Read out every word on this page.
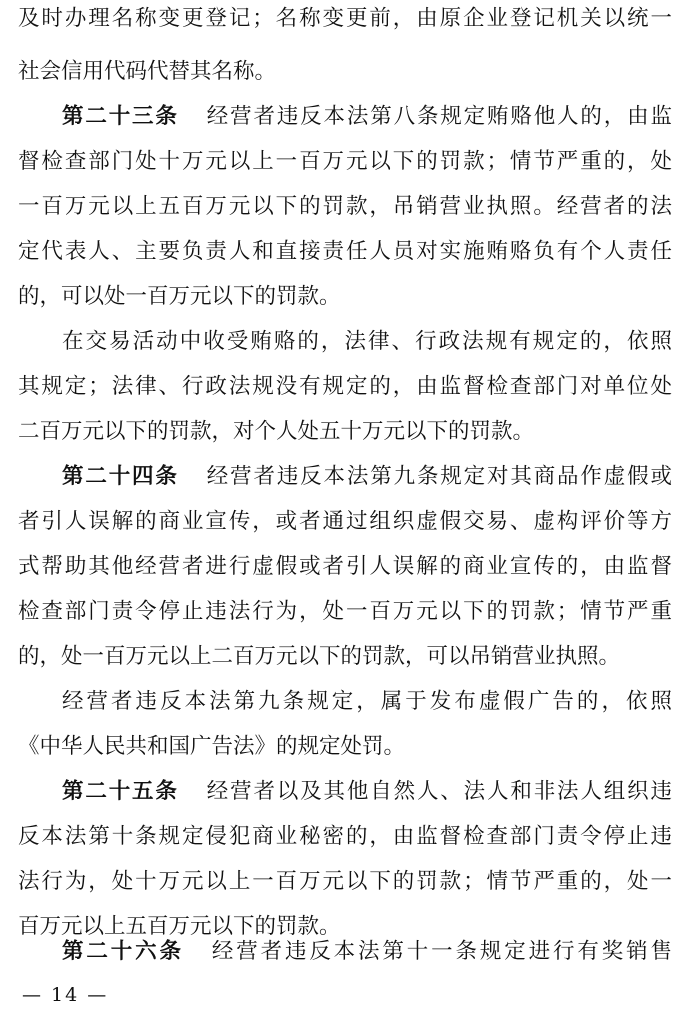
及时办理名称变更登记；名称变更前，由原企业登记机关以统一
社会信用代码代替其名称。
第二十三条 经营者违反本法第八条规定贿赂他人的，由监
督检查部门处十万元以上一百万元以下的罚款；情节严重的，处
一百万元以上五百万元以下的罚款，吊销营业执照。经营者的法
定代表人、主要负责人和直接责任人员对实施贿赂负有个人责任
的，可以处一百万元以下的罚款。
在交易活动中收受贿赂的，法律、行政法规有规定的，依照
其规定；法律、行政法规没有规定的，由监督检查部门对单位处
二百万元以下的罚款，对个人处五十万元以下的罚款。
第二十四条 经营者违反本法第九条规定对其商品作虚假或
者引人误解的商业宣传，或者通过组织虚假交易、虚构评价等方
式帮助其他经营者进行虚假或者引人误解的商业宣传的，由监督
检查部门责令停止违法行为，处一百万元以下的罚款；情节严重
的，处一百万元以上二百万元以下的罚款，可以吊销营业执照。
经营者违反本法第九条规定，属于发布虚假广告的，依照
《中华人民共和国广告法》的规定处罚。
第二十五条 经营者以及其他自然人、法人和非法人组织违
反本法第十条规定侵犯商业秘密的，由监督检查部门责令停止违
法行为，处十万元以上一百万元以下的罚款；情节严重的，处一
百万元以上五百万元以下的罚款。
第二十六条 经营者违反本法第十一条规定进行有奖销售
— 14 —
